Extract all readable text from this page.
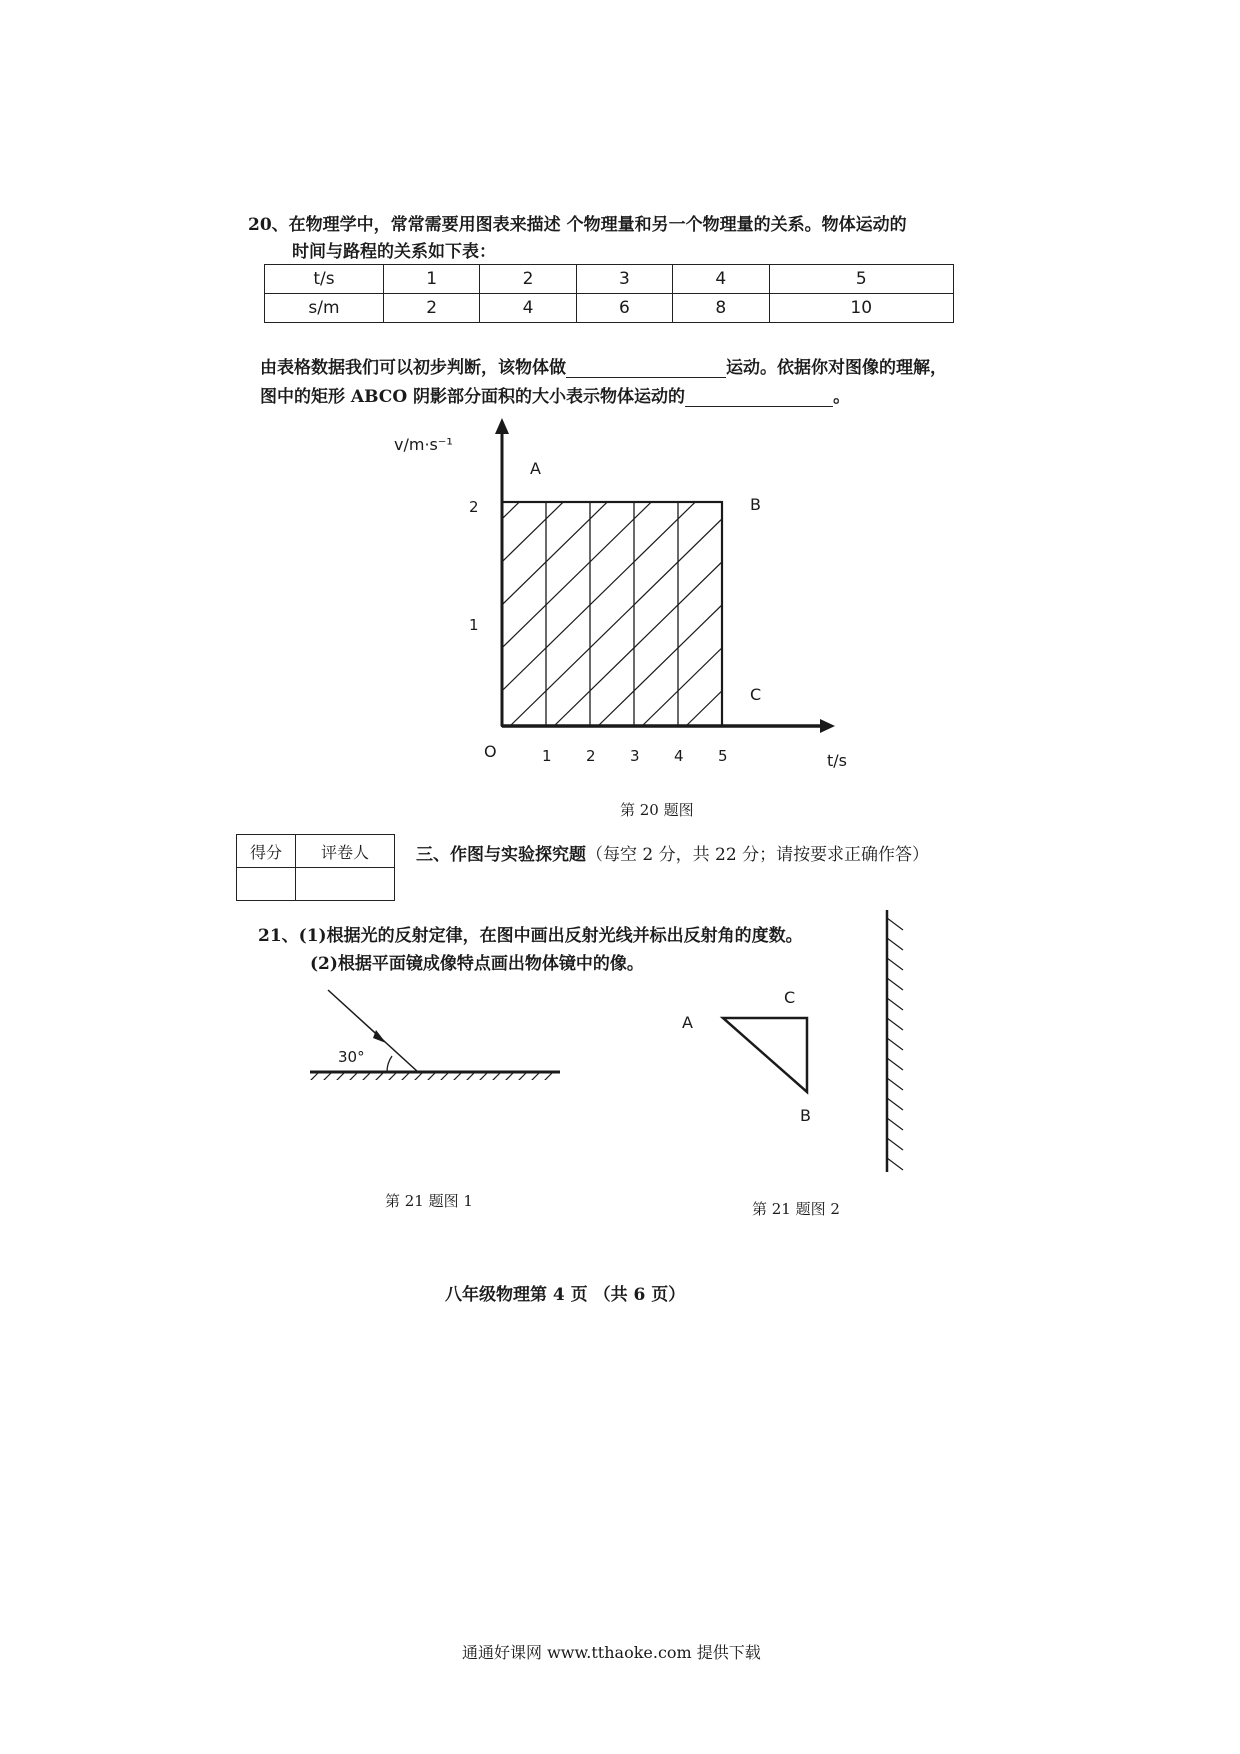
20、在物理学中，常常需要用图表来描述 个物理量和另一个物理量的关系。物体运动的
时间与路程的关系如下表：
t/s	1	2	3	4	5
s/m	2	4	6	8	10
由表格数据我们可以初步判断，该物体做	运动。依据你对图像的理解，
图中的矩形 ABCO 阴影部分面积的大小表示物体运动的	。
1 2 3 4 5
1
2
A
B
C
v/m·s⁻¹
t/s
O
第 20 题图
得分	评卷人
		三、作图与实验探究题（每空 2 分，共 22 分；请按要求正确作答）
21、(1)根据光的反射定律，在图中画出反射光线并标出反射角的度数。
(2)根据平面镜成像特点画出物体镜中的像。
30°
A
C
B
第 21 题图 1	第 21 题图 2
八年级物理第 4 页 （共 6 页）
通通好课网 www.tthaoke.com 提供下载
